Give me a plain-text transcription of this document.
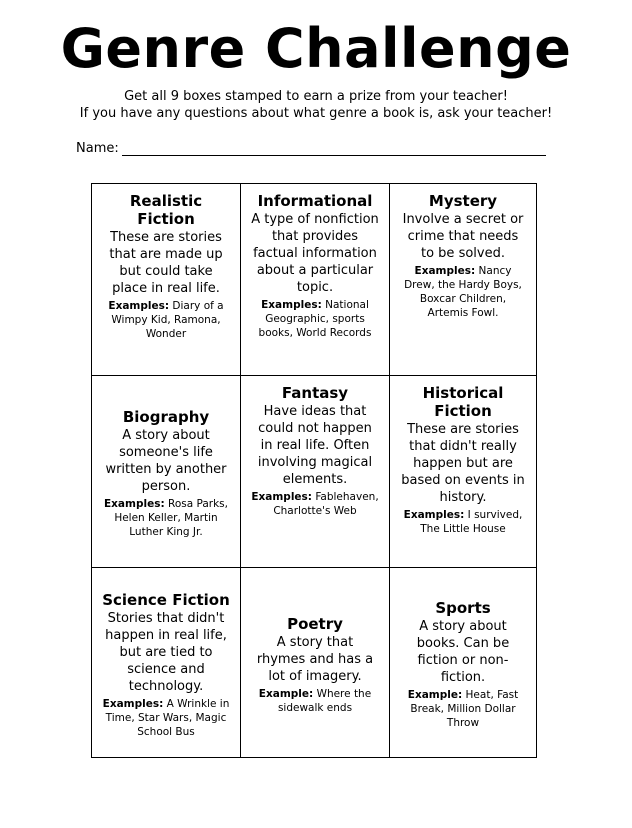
Genre Challenge
Get all 9 boxes stamped to earn a prize from your teacher!
If you have any questions about what genre a book is, ask your teacher!
Name:
Realistic Fiction
These are stories that are made up but could take place in real life.
Examples: Diary of a Wimpy Kid, Ramona, Wonder
Informational
A type of nonfiction that provides factual information about a particular topic.
Examples: National Geographic, sports books, World Records
Mystery
Involve a secret or crime that needs to be solved.
Examples: Nancy Drew, the Hardy Boys, Boxcar Children, Artemis Fowl.
Biography
A story about someone's life written by another person.
Examples: Rosa Parks, Helen Keller, Martin Luther King Jr.
Fantasy
Have ideas that could not happen in real life. Often involving magical elements.
Examples: Fablehaven, Charlotte's Web
Historical Fiction
These are stories that didn't really happen but are based on events in history.
Examples: I survived, The Little House
Science Fiction
Stories that didn't happen in real life, but are tied to science and technology.
Examples: A Wrinkle in Time, Star Wars, Magic School Bus
Poetry
A story that rhymes and has a lot of imagery.
Example: Where the sidewalk ends
Sports
A story about books. Can be fiction or non-fiction.
Example: Heat, Fast Break, Million Dollar Throw
